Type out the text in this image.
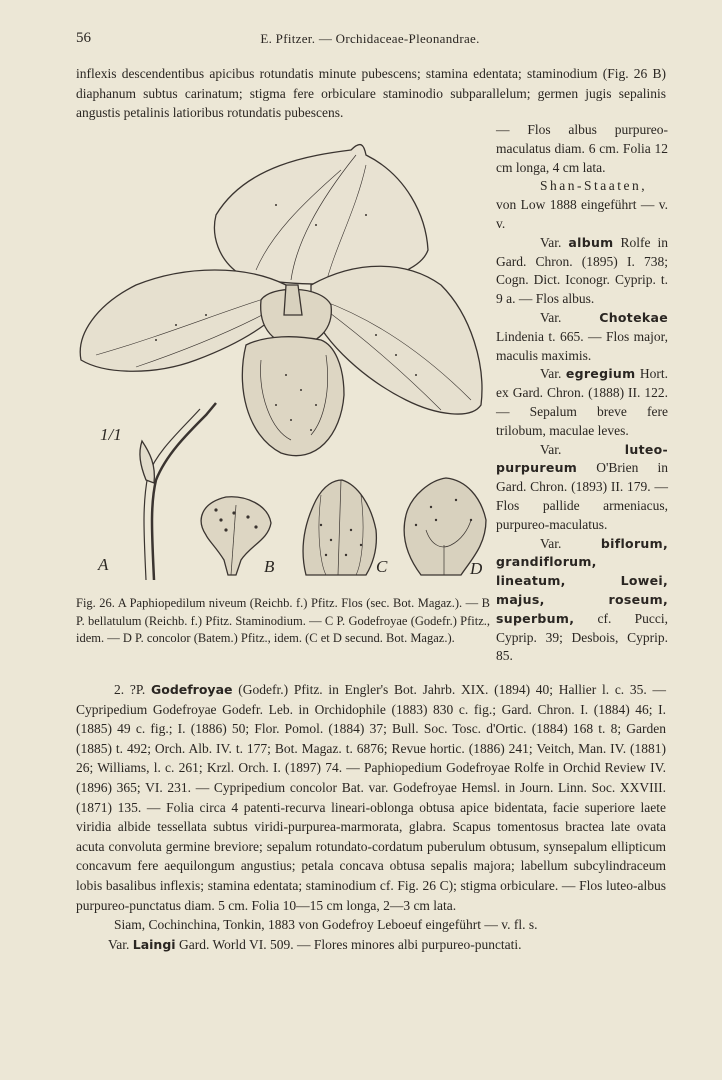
56	E. Pfitzer. — Orchidaceae-Pleonandrae.

inflexis descendentibus apicibus rotundatis minute pubescens; stamina edentata; staminodium (Fig. 26 B) diaphanum subtus carinatum; stigma fere orbiculare staminodio subparallelum; germen jugis sepalinis angustis petalinis latioribus rotundatis pubescens.

— Flos albus purpureo-maculatus diam. 6 cm. Folia 12 cm longa, 4 cm lata.

Shan-Staaten, von Low 1888 eingeführt — v. v.

Var. album Rolfe in Gard. Chron. (1895) I. 738; Cogn. Dict. Iconogr. Cyprip. t. 9 a. — Flos albus.

Var.	Chotekae Lindenia t. 665. — Flos major, maculis maximis.

Var. egregium Hort. ex Gard. Chron. (1888) II. 122. — Sepalum breve fere trilobum, maculae leves.

Var.	luteo-purpureum O'Brien in Gard. Chron. (1893) II. 179. — Flos pallide armeniacus, purpureo-maculatus.

Var.	biflorum, grandiflorum, lineatum, Lowei, majus, roseum, superbum, cf. Pucci, Cyprip. 39; Desbois, Cyprip. 85.

1/1
A	B	C	D

Fig. 26. A Paphiopedilum niveum (Reichb. f.) Pfitz. Flos (sec. Bot. Magaz.). — B P. bellatulum (Reichb. f.) Pfitz. Staminodium. — C P. Godefroyae (Godefr.) Pfitz., idem. — D P. concolor (Batem.) Pfitz., idem. (C et D secund. Bot. Magaz.).

2. ?P. Godefroyae (Godefr.) Pfitz. in Engler's Bot. Jahrb. XIX. (1894) 40; Hallier l. c. 35. — Cypripedium Godefroyae Godefr. Leb. in Orchidophile (1883) 830 c. fig.; Gard. Chron. I. (1884) 46; I. (1885) 49 c. fig.; I. (1886) 50; Flor. Pomol. (1884) 37; Bull. Soc. Tosc. d'Ortic. (1884) 168 t. 8; Garden (1885) t. 492; Orch. Alb. IV. t. 177; Bot. Magaz. t. 6876; Revue hortic. (1886) 241; Veitch, Man. IV. (1881) 26; Williams, l. c. 261; Krzl. Orch. I. (1897) 74. — Paphiopedium Godefroyae Rolfe in Orchid Review IV. (1896) 365; VI. 231. — Cypripedium concolor Bat. var. Godefroyae Hemsl. in Journ. Linn. Soc. XXVIII. (1871) 135. — Folia circa 4 patenti-recurva lineari-oblonga obtusa apice bidentata, facie superiore laete viridia albide tessellata subtus viridi-purpurea-marmorata, glabra. Scapus tomentosus bractea late ovata acuta convoluta germine breviore; sepalum rotundato-cordatum puberulum obtusum, synsepalum ellipticum concavum fere aequilongum angustius; petala concava obtusa sepalis majora; labellum subcylindraceum lobis basalibus inflexis; stamina edentata; staminodium cf. Fig. 26 C); stigma orbiculare. — Flos luteo-albus purpureo-punctatus diam. 5 cm. Folia 10—15 cm longa, 2—3 cm lata.

Siam, Cochinchina, Tonkin, 1883 von Godefroy Leboeuf eingeführt — v. fl. s.

Var. Laingi Gard. World VI. 509. — Flores minores albi purpureo-punctati.
